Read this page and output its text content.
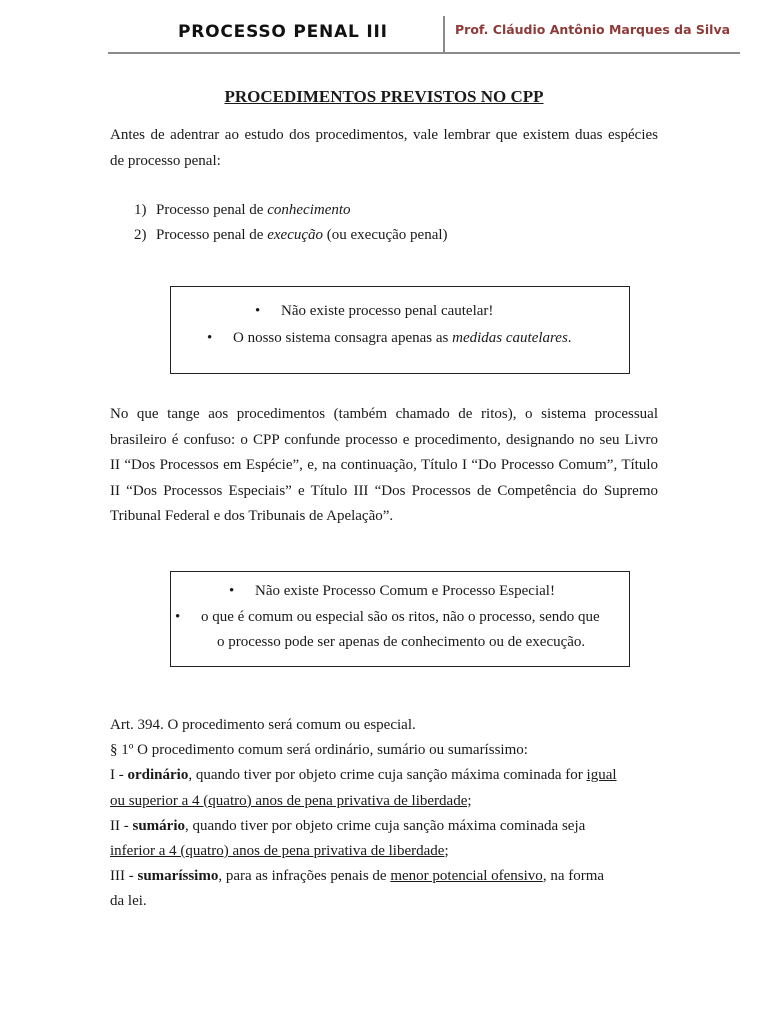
PROCESSO PENAL III	Prof. Cláudio Antônio Marques da Silva
PROCEDIMENTOS PREVISTOS NO CPP
Antes de adentrar ao estudo dos procedimentos, vale lembrar que existem duas espécies
de processo penal:
1) Processo penal de conhecimento
2) Processo penal de execução (ou execução penal)
• Não existe processo penal cautelar!
• O nosso sistema consagra apenas as medidas cautelares.
No que tange aos procedimentos (também chamado de ritos), o sistema processual
brasileiro é confuso: o CPP confunde processo e procedimento, designando no seu Livro
II “Dos Processos em Espécie”, e, na continuação, Título I “Do Processo Comum”, Título
II “Dos Processos Especiais” e Título III “Dos Processos de Competência do Supremo
Tribunal Federal e dos Tribunais de Apelação”.
• Não existe Processo Comum e Processo Especial!
• o que é comum ou especial são os ritos, não o processo, sendo que
o processo pode ser apenas de conhecimento ou de execução.
Art. 394. O procedimento será comum ou especial.
§ 1º O procedimento comum será ordinário, sumário ou sumaríssimo:
I - ordinário, quando tiver por objeto crime cuja sanção máxima cominada for igual
ou superior a 4 (quatro) anos de pena privativa de liberdade;
II - sumário, quando tiver por objeto crime cuja sanção máxima cominada seja
inferior a 4 (quatro) anos de pena privativa de liberdade;
III - sumaríssimo, para as infrações penais de menor potencial ofensivo, na forma
da lei.
